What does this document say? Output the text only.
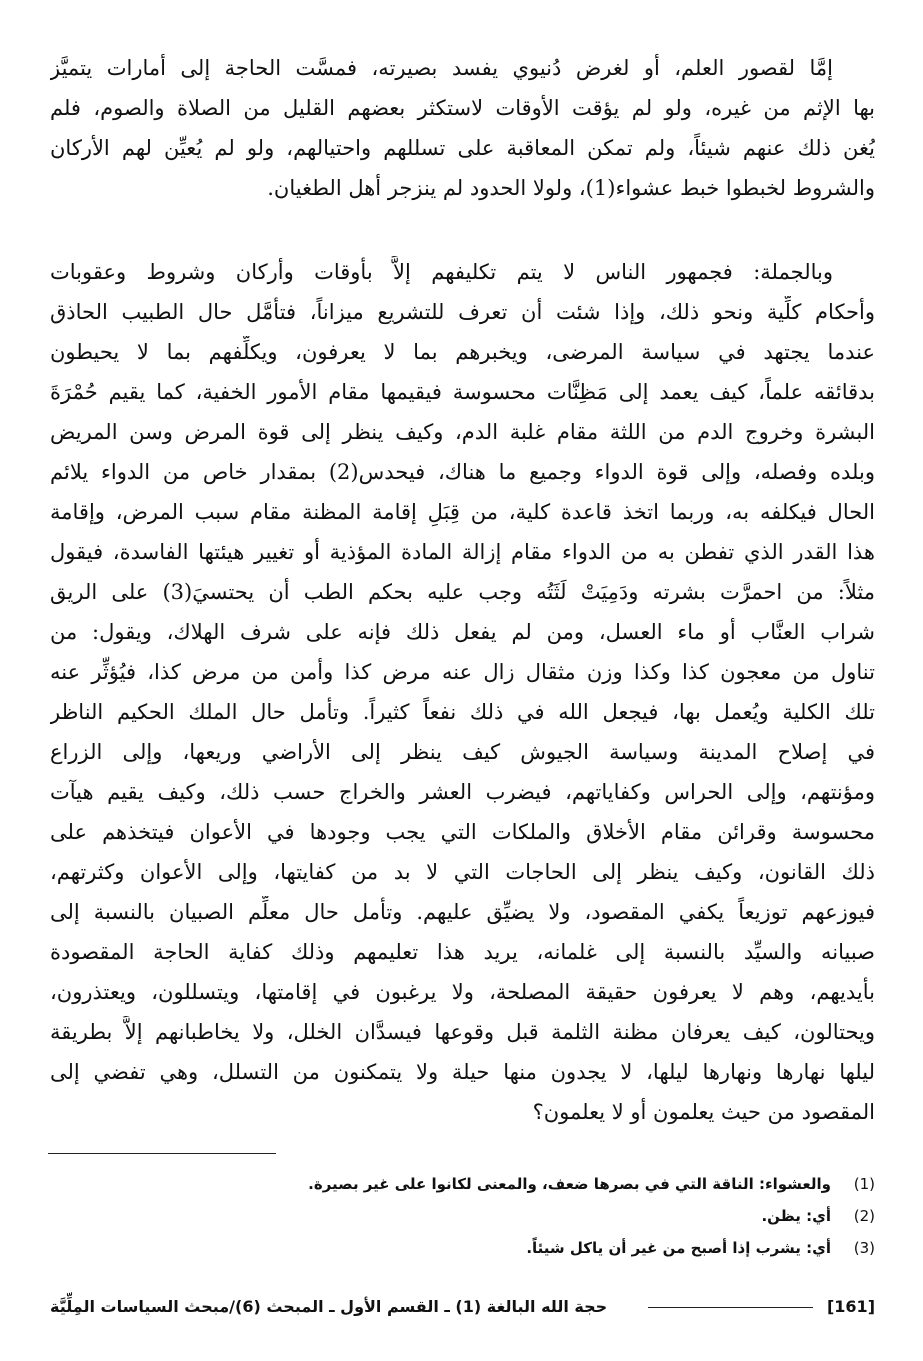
إمَّا لقصور العلم، أو لغرض دُنيوي يفسد بصيرته، فمسَّت الحاجة إلى أمارات يتميَّز
بها الإثم من غيره، ولو لم يؤقت الأوقات لاستكثر بعضهم القليل من الصلاة والصوم، فلم
يُغن ذلك عنهم شيئاً، ولم تمكن المعاقبة على تسللهم واحتيالهم، ولو لم يُعيِّن لهم الأركان
والشروط لخبطوا خبط عشواء(1)، ولولا الحدود لم ينزجر أهل الطغيان.
وبالجملة: فجمهور الناس لا يتم تكليفهم إلاَّ بأوقات وأركان وشروط وعقوبات
وأحكام كلِّية ونحو ذلك، وإذا شئت أن تعرف للتشريع ميزاناً، فتأمَّل حال الطبيب الحاذق
عندما يجتهد في سياسة المرضى، ويخبرهم بما لا يعرفون، ويكلِّفهم بما لا يحيطون
بدقائقه علماً، كيف يعمد إلى مَظِنَّات محسوسة فيقيمها مقام الأمور الخفية، كما يقيم حُمْرَةَ
البشرة وخروج الدم من اللثة مقام غلبة الدم، وكيف ينظر إلى قوة المرض وسن المريض
وبلده وفصله، وإلى قوة الدواء وجميع ما هناك، فيحدس(2) بمقدار خاص من الدواء يلائم
الحال فيكلفه به، وربما اتخذ قاعدة كلية، من قِبَلِ إقامة المظنة مقام سبب المرض، وإقامة
هذا القدر الذي تفطن به من الدواء مقام إزالة المادة المؤذية أو تغيير هيئتها الفاسدة، فيقول
مثلاً: من احمرَّت بشرته ودَمِيَتْ لَثَتُه وجب عليه بحكم الطب أن يحتسيَ(3) على الريق
شراب العنَّاب أو ماء العسل، ومن لم يفعل ذلك فإنه على شرف الهلاك، ويقول: من
تناول من معجون كذا وكذا وزن مثقال زال عنه مرض كذا وأمن من مرض كذا، فيُؤثِّر عنه
تلك الكلية ويُعمل بها، فيجعل الله في ذلك نفعاً كثيراً. وتأمل حال الملك الحكيم الناظر
في إصلاح المدينة وسياسة الجيوش كيف ينظر إلى الأراضي وريعها، وإلى الزراع
ومؤنتهم، وإلى الحراس وكفاياتهم، فيضرب العشر والخراج حسب ذلك، وكيف يقيم هيآت
محسوسة وقرائن مقام الأخلاق والملكات التي يجب وجودها في الأعوان فيتخذهم على
ذلك القانون، وكيف ينظر إلى الحاجات التي لا بد من كفايتها، وإلى الأعوان وكثرتهم،
فيوزعهم توزيعاً يكفي المقصود، ولا يضيِّق عليهم. وتأمل حال معلِّم الصبيان بالنسبة إلى
صبيانه والسيِّد بالنسبة إلى غلمانه، يريد هذا تعليمهم وذلك كفاية الحاجة المقصودة
بأيديهم، وهم لا يعرفون حقيقة المصلحة، ولا يرغبون في إقامتها، ويتسللون، ويعتذرون،
ويحتالون، كيف يعرفان مظنة الثلمة قبل وقوعها فيسدَّان الخلل، ولا يخاطبانهم إلاَّ بطريقة
ليلها نهارها ونهارها ليلها، لا يجدون منها حيلة ولا يتمكنون من التسلل، وهي تفضي إلى
المقصود من حيث يعلمون أو لا يعلمون؟
(1)والعشواء: الناقة التي في بصرها ضعف، والمعنى لكانوا على غير بصيرة.
(2)أي: يظن.
(3)أي: يشرب إذا أصبح من غير أن ياكل شيئاً.
[161]
حجة الله البالغة (1) ـ القسم الأول ـ المبحث (6)/مبحث السياسات المِلِّيَّة
